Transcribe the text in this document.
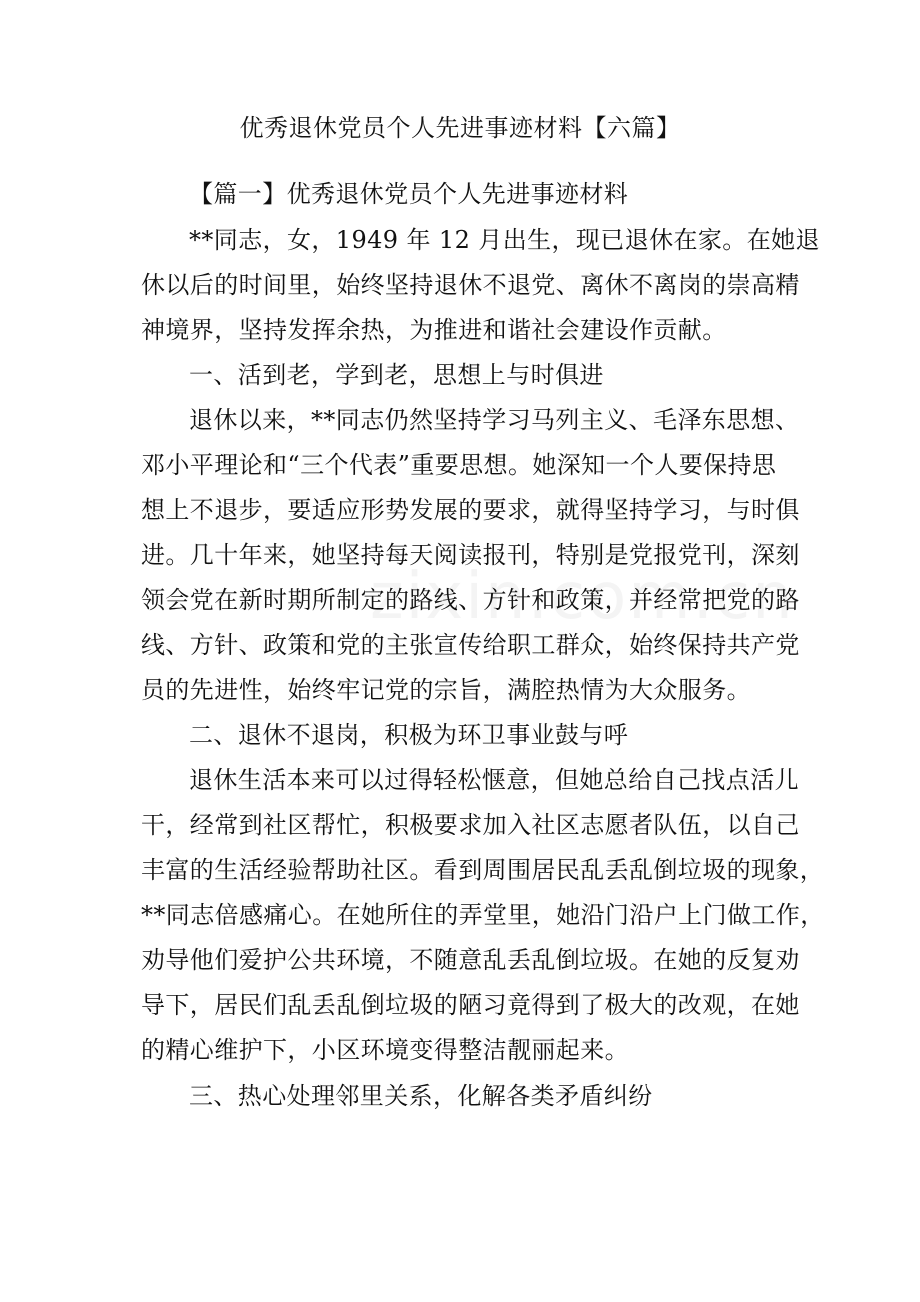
优秀退休党员个人先进事迹材料【六篇】
【篇一】优秀退休党员个人先进事迹材料
**同志，女，1949 年 12 月出生，现已退休在家。在她退
休以后的时间里，始终坚持退休不退党、离休不离岗的崇高精
神境界，坚持发挥余热，为推进和谐社会建设作贡献。
一、活到老，学到老，思想上与时俱进
退休以来，**同志仍然坚持学习马列主义、毛泽东思想、
邓小平理论和“三个代表”重要思想。她深知一个人要保持思
想上不退步，要适应形势发展的要求，就得坚持学习，与时俱
进。几十年来，她坚持每天阅读报刊，特别是党报党刊，深刻
领会党在新时期所制定的路线、方针和政策，并经常把党的路
线、方针、政策和党的主张宣传给职工群众，始终保持共产党
员的先进性，始终牢记党的宗旨，满腔热情为大众服务。
二、退休不退岗，积极为环卫事业鼓与呼
退休生活本来可以过得轻松惬意，但她总给自己找点活儿
干，经常到社区帮忙，积极要求加入社区志愿者队伍，以自己
丰富的生活经验帮助社区。看到周围居民乱丢乱倒垃圾的现象，
**同志倍感痛心。在她所住的弄堂里，她沿门沿户上门做工作，
劝导他们爱护公共环境，不随意乱丢乱倒垃圾。在她的反复劝
导下，居民们乱丢乱倒垃圾的陋习竟得到了极大的改观，在她
的精心维护下，小区环境变得整洁靓丽起来。
三、热心处理邻里关系，化解各类矛盾纠纷
